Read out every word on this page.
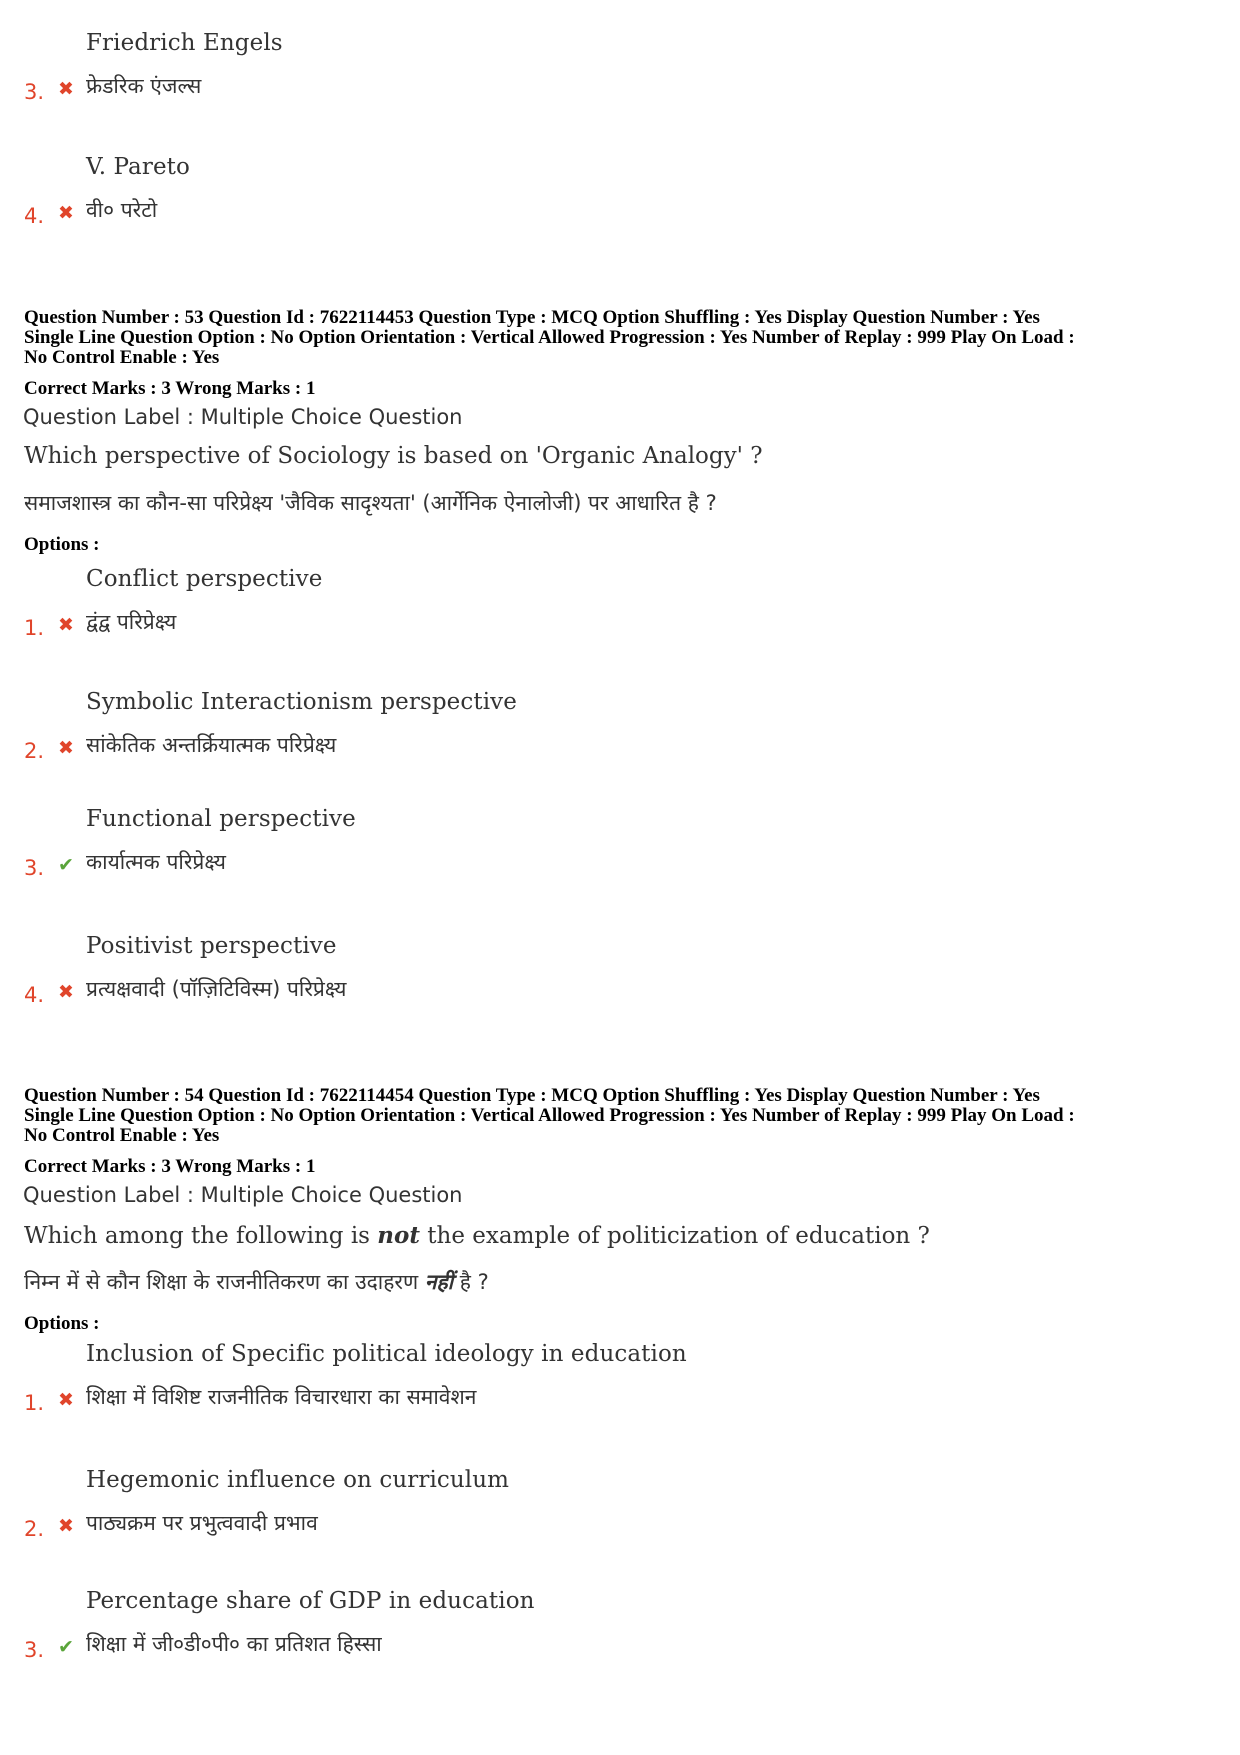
Friedrich Engels
3. ✖ फ्रेडरिक एंजल्स
V. Pareto
4. ✖ वी० परेटो
Question Number : 53 Question Id : 7622114453 Question Type : MCQ Option Shuffling : Yes Display Question Number : Yes
Single Line Question Option : No Option Orientation : Vertical Allowed Progression : Yes Number of Replay : 999 Play On Load :
No Control Enable : Yes
Correct Marks : 3 Wrong Marks : 1
Question Label : Multiple Choice Question
Which perspective of Sociology is based on 'Organic Analogy' ?
समाजशास्त्र का कौन-सा परिप्रेक्ष्य 'जैविक सादृश्यता' (आर्गेनिक ऐनालोजी) पर आधारित है ?
Options :
Conflict perspective
1. ✖ द्वंद्व परिप्रेक्ष्य
Symbolic Interactionism perspective
2. ✖ सांकेतिक अन्तर्क्रियात्मक परिप्रेक्ष्य
Functional perspective
3. ✔ कार्यात्मक परिप्रेक्ष्य
Positivist perspective
4. ✖ प्रत्यक्षवादी (पॉज़िटिविस्म) परिप्रेक्ष्य
Question Number : 54 Question Id : 7622114454 Question Type : MCQ Option Shuffling : Yes Display Question Number : Yes
Single Line Question Option : No Option Orientation : Vertical Allowed Progression : Yes Number of Replay : 999 Play On Load :
No Control Enable : Yes
Correct Marks : 3 Wrong Marks : 1
Question Label : Multiple Choice Question
Which among the following is not the example of politicization of education ?
निम्न में से कौन शिक्षा के राजनीतिकरण का उदाहरण नहीं है ?
Options :
Inclusion of Specific political ideology in education
1. ✖ शिक्षा में विशिष्ट राजनीतिक विचारधारा का समावेशन
Hegemonic influence on curriculum
2. ✖ पाठ्यक्रम पर प्रभुत्ववादी प्रभाव
Percentage share of GDP in education
3. ✔ शिक्षा में जी०डी०पी० का प्रतिशत हिस्सा
